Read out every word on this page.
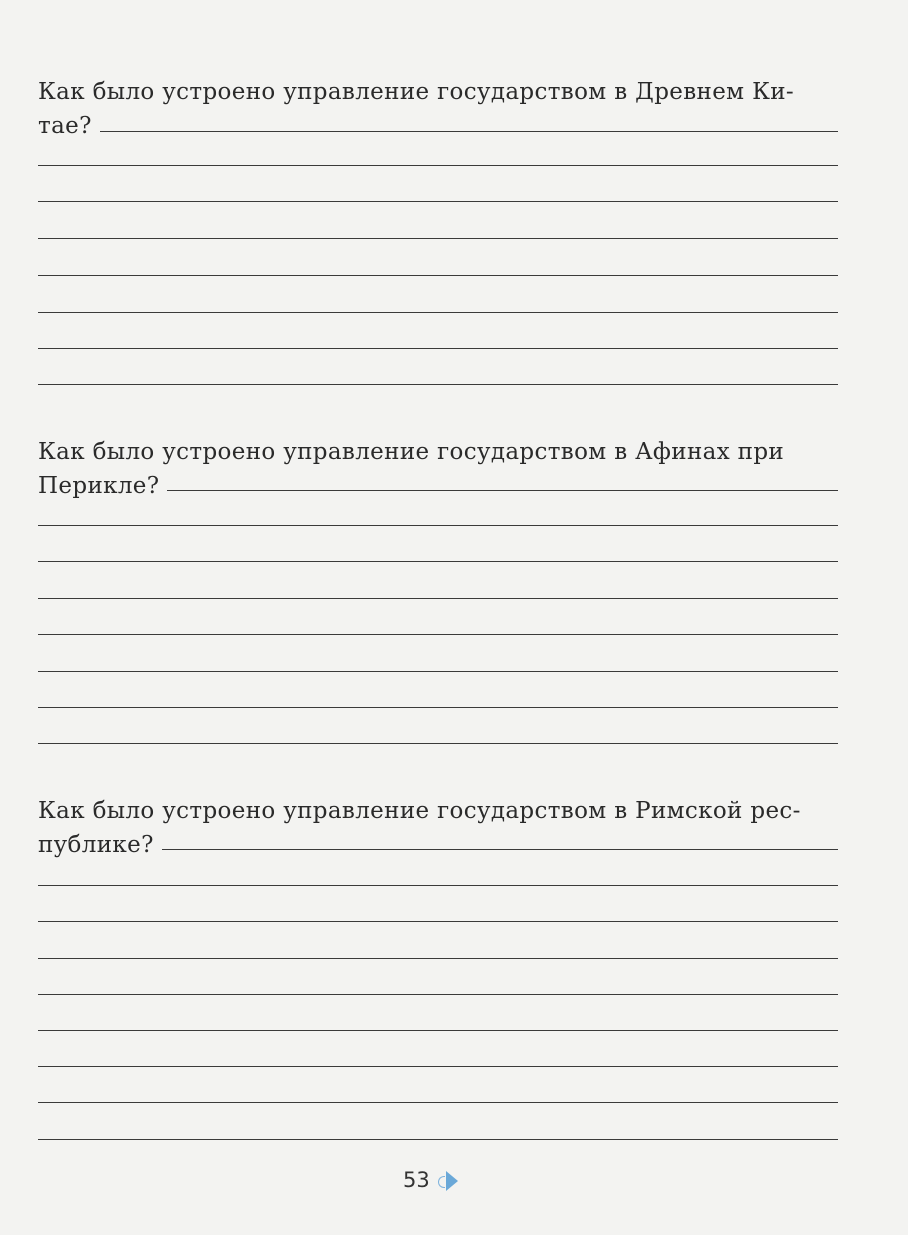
Как было устроено управление государством в Древнем Ки-
тае?
Как было устроено управление государством в Афинах при
Перикле?
Как было устроено управление государством в Римской рес-
публике?
53
